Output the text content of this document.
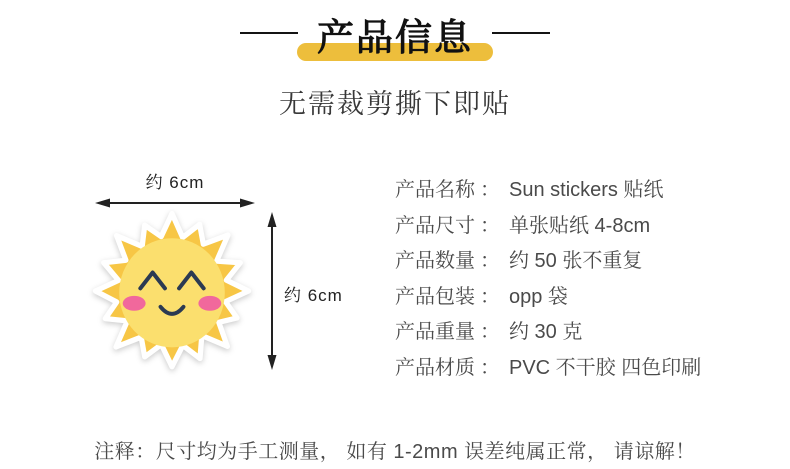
产品信息

无需裁剪撕下即贴

约 6cm
约 6cm
产品名称 ： Sun stickers 贴纸
产品尺寸 ： 单张贴纸 4-8cm
产品数量 ： 约 50 张不重复
产品包装 ： opp 袋
产品重量 ： 约 30 克
产品材质 ： PVC 不干胶 四色印刷

注释：尺寸均为手工测量， 如有 1-2mm 误差纯属正常， 请谅解！
